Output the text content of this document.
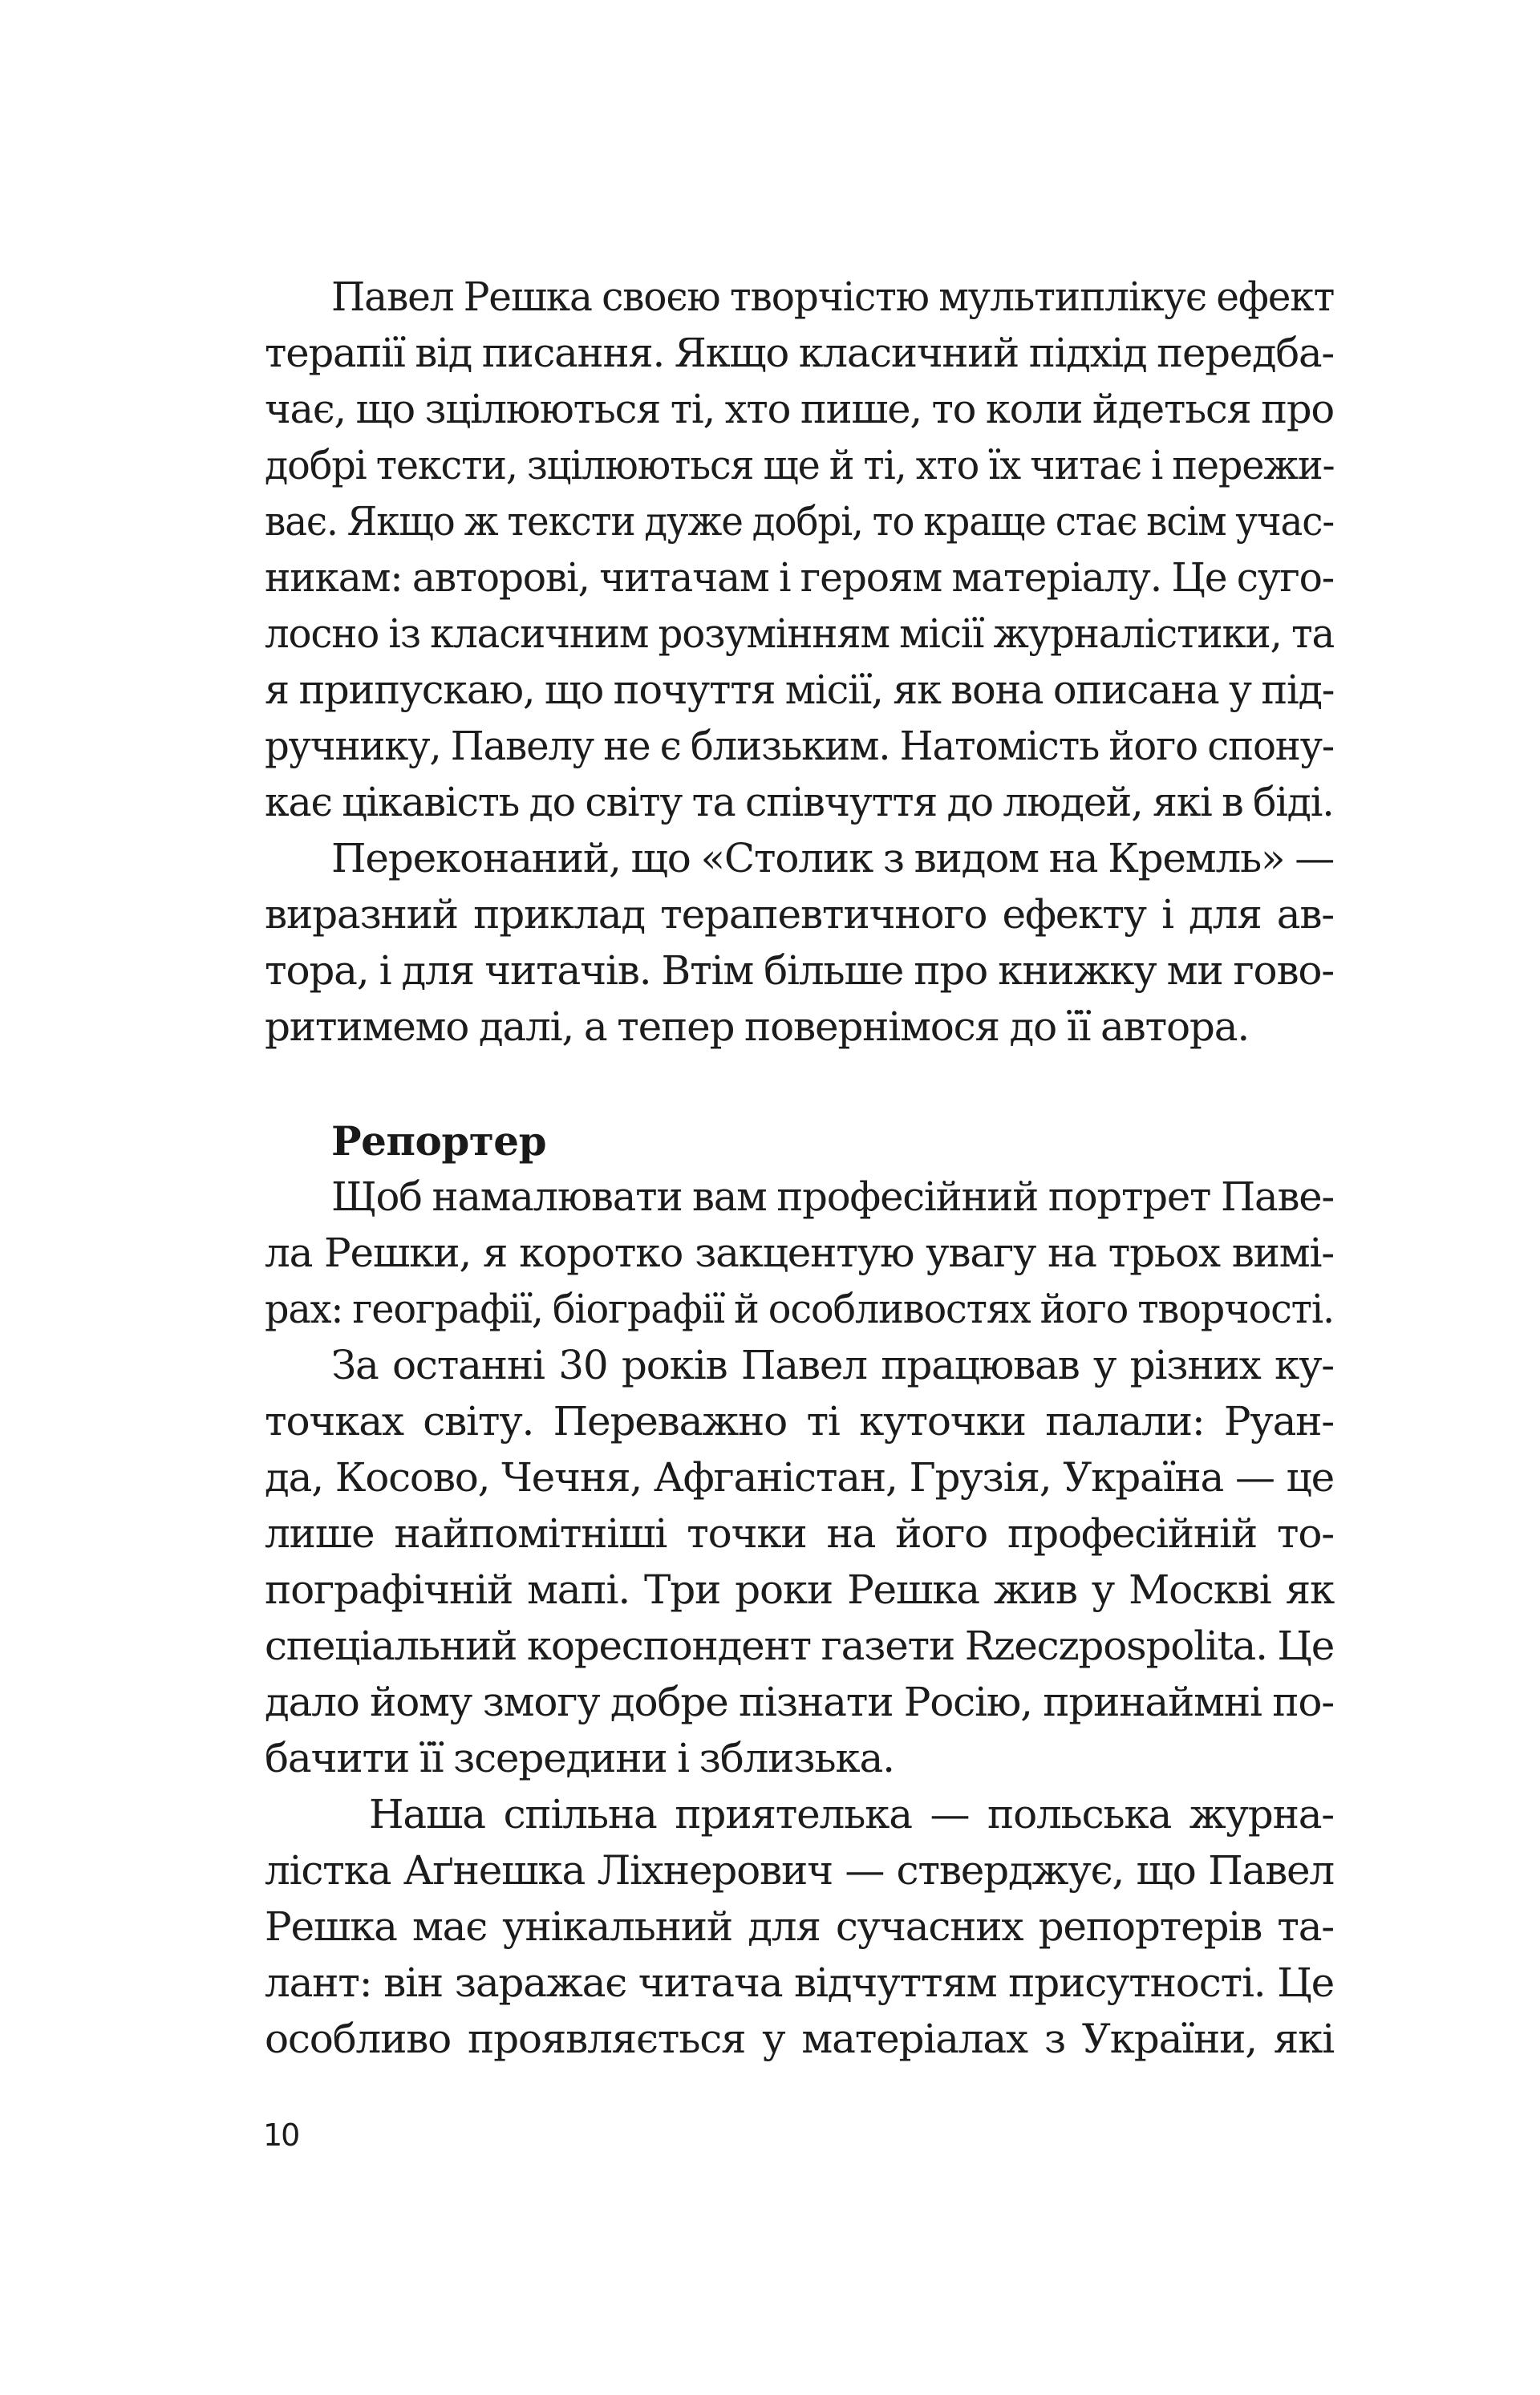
Павел Решка своєю творчістю мультиплікує ефект
терапії від писання. Якщо класичний підхід передба-
чає, що зцілюються ті, хто пише, то коли йдеться про
добрі тексти, зцілюються ще й ті, хто їх читає і пережи-
ває. Якщо ж тексти дуже добрі, то краще стає всім учас-
никам: авторові, читачам і героям матеріалу. Це суго-
лосно із класичним розумінням місії журналістики, та
я припускаю, що почуття місії, як вона описана у під-
ручнику, Павелу не є близьким. Натомість його спону-
кає цікавість до світу та співчуття до людей, які в біді.
Переконаний, що «Столик з видом на Кремль» —
виразний приклад терапевтичного ефекту і для ав-
тора, і для читачів. Втім більше про книжку ми гово-
ритимемо далі, а тепер повернімося до її автора.
Репортер
Щоб намалювати вам професійний портрет Паве-
ла Решки, я коротко закцентую увагу на трьох вимі-
рах: географії, біографії й особливостях його творчості.
За останні 30 років Павел працював у різних ку-
точках світу. Переважно ті куточки палали: Руан-
да, Косово, Чечня, Афганістан, Грузія, Україна — це
лише найпомітніші точки на його професійній то-
пографічній мапі. Три роки Решка жив у Москві як
спеціальний кореспондент газети Rzeczpospolita. Це
дало йому змогу добре пізнати Росію, принаймні по-
бачити її зсередини і зблизька.
Наша спільна приятелька — польська журна-
лістка Аґнешка Ліхнерович — стверджує, що Павел
Решка має унікальний для сучасних репортерів та-
лант: він заражає читача відчуттям присутності. Це
особливо проявляється у матеріалах з України, які
10
